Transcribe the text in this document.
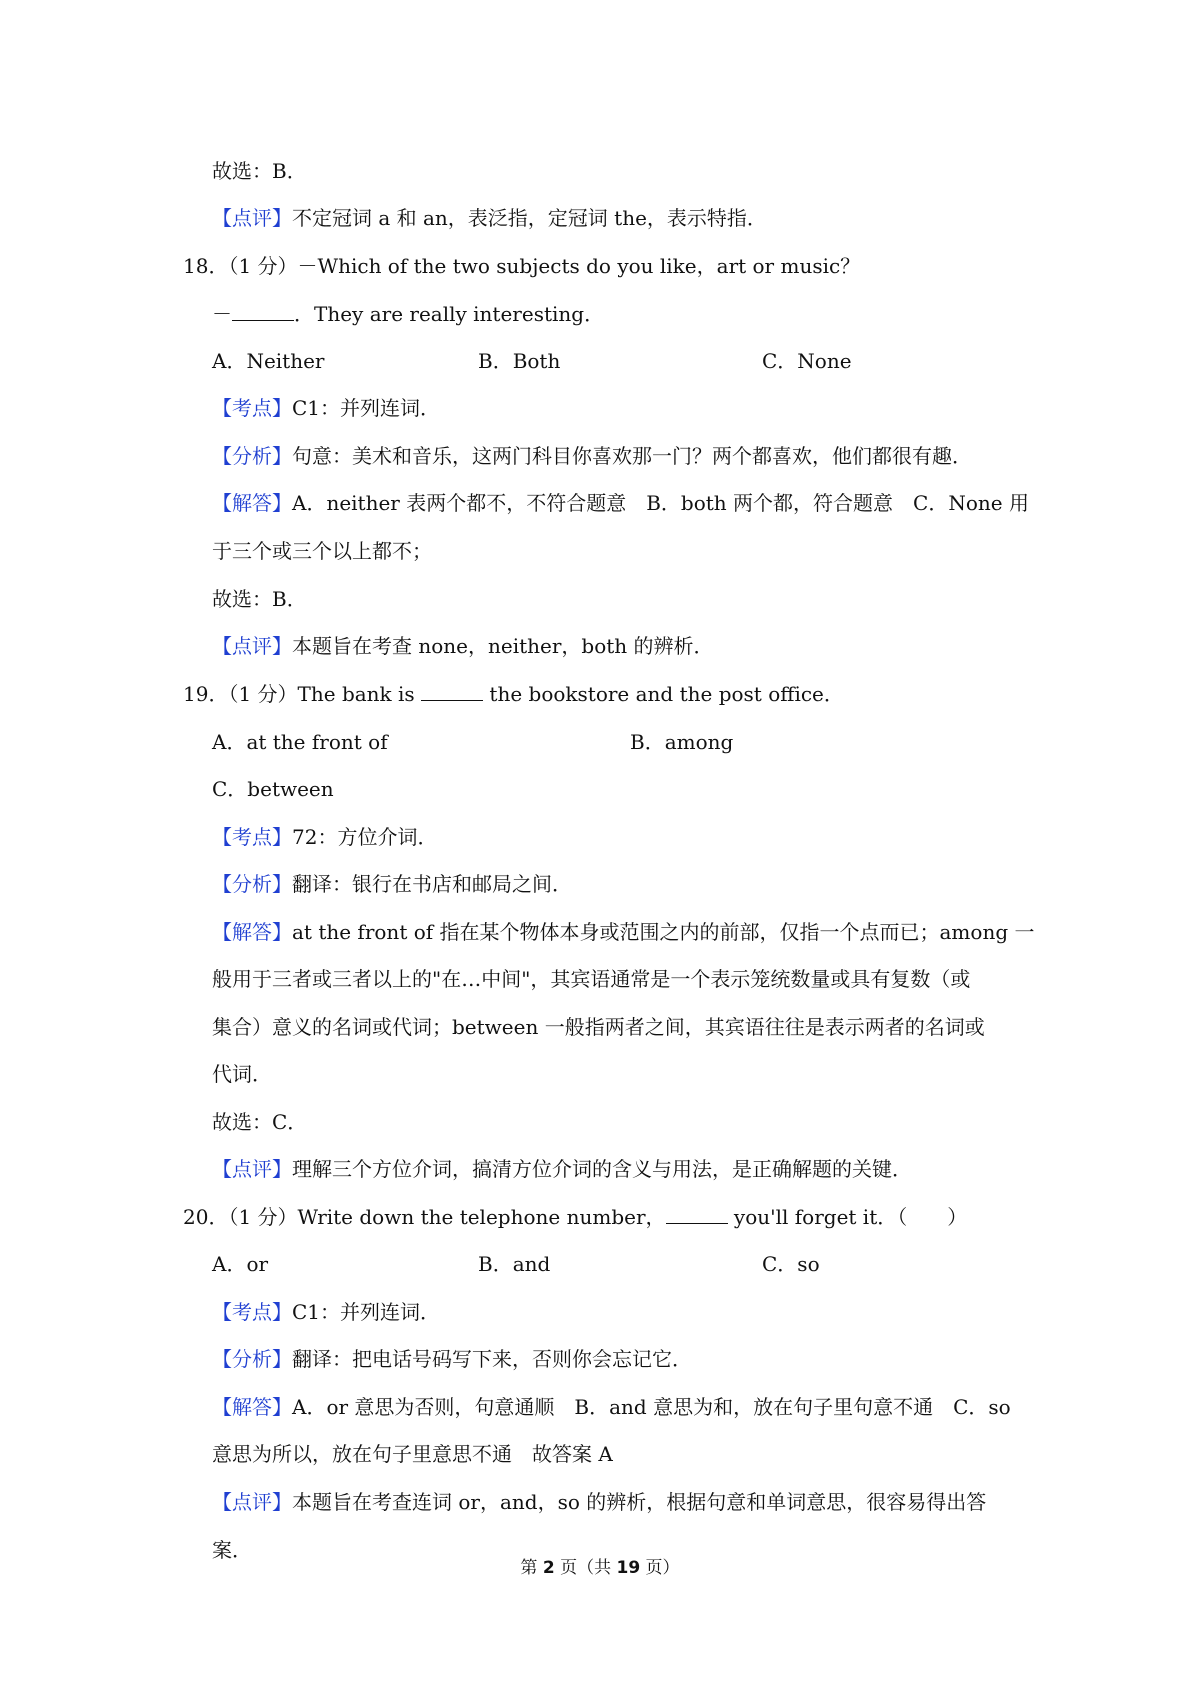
故选：B．
【点评】不定冠词 a 和 an，表泛指，定冠词 the，表示特指．
18．（1 分）－Which of the two subjects do you like，art or music？
－	．They are really interesting．
A．Neither	B．Both	C．None
【考点】C1：并列连词．
【分析】句意：美术和音乐，这两门科目你喜欢那一门？两个都喜欢，他们都很有趣．
【解答】A．neither 表两个都不，不符合题意　B．both 两个都，符合题意　C．None 用
于三个或三个以上都不；
故选：B．
【点评】本题旨在考查 none，neither，both 的辨析．
19．（1 分）The bank is	the bookstore and the post office．
A．at the front of	B．among
C．between
【考点】72：方位介词．
【分析】翻译：银行在书店和邮局之间．
【解答】at the front of 指在某个物体本身或范围之内的前部，仅指一个点而已；among 一
般用于三者或三者以上的"在…中间"，其宾语通常是一个表示笼统数量或具有复数（或
集合）意义的名词或代词；between 一般指两者之间，其宾语往往是表示两者的名词或
代词．
故选：C．
【点评】理解三个方位介词，搞清方位介词的含义与用法，是正确解题的关键．
20．（1 分）Write down the telephone number，	you'll forget it．（　　）
A．or	B．and	C．so
【考点】C1：并列连词．
【分析】翻译：把电话号码写下来，否则你会忘记它．
【解答】A．or 意思为否则，句意通顺　B．and 意思为和，放在句子里句意不通　C．so
意思为所以，放在句子里意思不通　故答案 A
【点评】本题旨在考查连词 or，and，so 的辨析，根据句意和单词意思，很容易得出答
案．
第 2 页（共 19 页）
